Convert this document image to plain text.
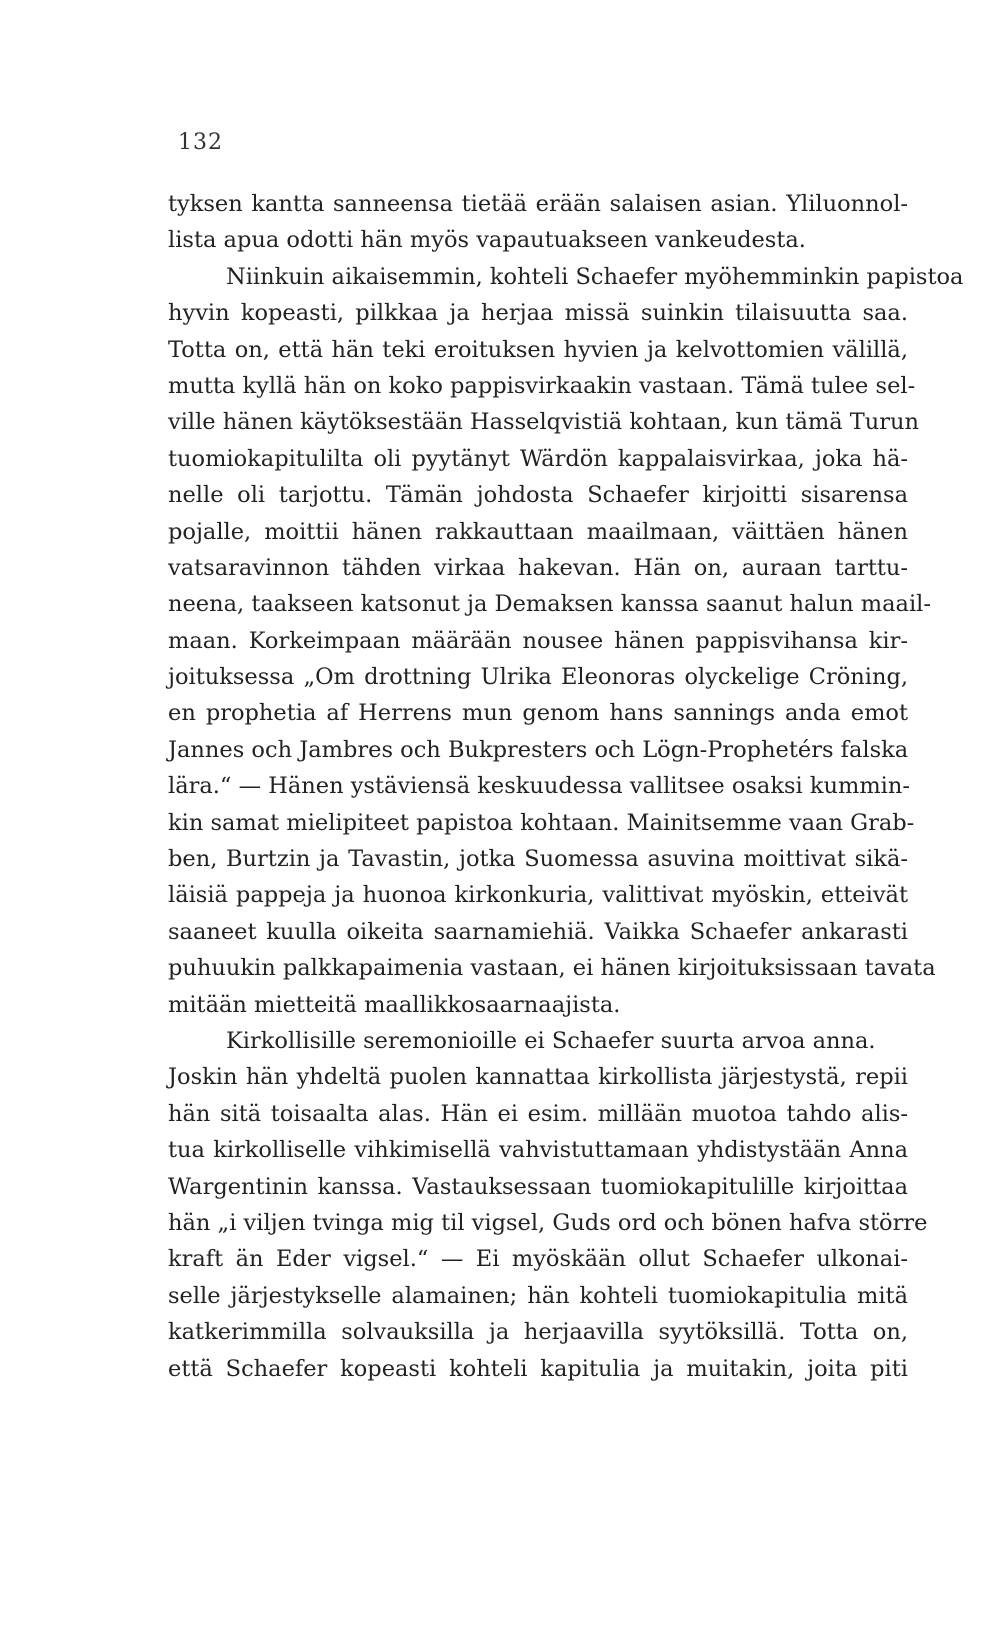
132
tyksen kantta sanneensa tietää erään salaisen asian. Yliluonnol-
lista apua odotti hän myös vapautuakseen vankeudesta.
Niinkuin aikaisemmin, kohteli Schaefer myöhemminkin papistoa
hyvin kopeasti, pilkkaa ja herjaa missä suinkin tilaisuutta saa.
Totta on, että hän teki eroituksen hyvien ja kelvottomien välillä,
mutta kyllä hän on koko pappisvirkaakin vastaan. Tämä tulee sel-
ville hänen käytöksestään Hasselqvistiä kohtaan, kun tämä Turun
tuomiokapitulilta oli pyytänyt Wärdön kappalaisvirkaa, joka hä-
nelle oli tarjottu. Tämän johdosta Schaefer kirjoitti sisarensa
pojalle, moittii hänen rakkauttaan maailmaan, väittäen hänen
vatsaravinnon tähden virkaa hakevan. Hän on, auraan tarttu-
neena, taakseen katsonut ja Demaksen kanssa saanut halun maail-
maan. Korkeimpaan määrään nousee hänen pappisvihansa kir-
joituksessa „Om drottning Ulrika Eleonoras olyckelige Cröning,
en prophetia af Herrens mun genom hans sannings anda emot
Jannes och Jambres och Bukpresters och Lögn-Prophetérs falska
lära.“ — Hänen ystäviensä keskuudessa vallitsee osaksi kummin-
kin samat mielipiteet papistoa kohtaan. Mainitsemme vaan Grab-
ben, Burtzin ja Tavastin, jotka Suomessa asuvina moittivat sikä-
läisiä pappeja ja huonoa kirkonkuria, valittivat myöskin, etteivät
saaneet kuulla oikeita saarnamiehiä. Vaikka Schaefer ankarasti
puhuukin palkkapaimenia vastaan, ei hänen kirjoituksissaan tavata
mitään mietteitä maallikkosaarnaajista.
Kirkollisille seremonioille ei Schaefer suurta arvoa anna.
Joskin hän yhdeltä puolen kannattaa kirkollista järjestystä, repii
hän sitä toisaalta alas. Hän ei esim. millään muotoa tahdo alis-
tua kirkolliselle vihkimisellä vahvistuttamaan yhdistystään Anna
Wargentinin kanssa. Vastauksessaan tuomiokapitulille kirjoittaa
hän „i viljen tvinga mig til vigsel, Guds ord och bönen hafva större
kraft än Eder vigsel.“ — Ei myöskään ollut Schaefer ulkonai-
selle järjestykselle alamainen; hän kohteli tuomiokapitulia mitä
katkerimmilla solvauksilla ja herjaavilla syytöksillä. Totta on,
että Schaefer kopeasti kohteli kapitulia ja muitakin, joita piti
